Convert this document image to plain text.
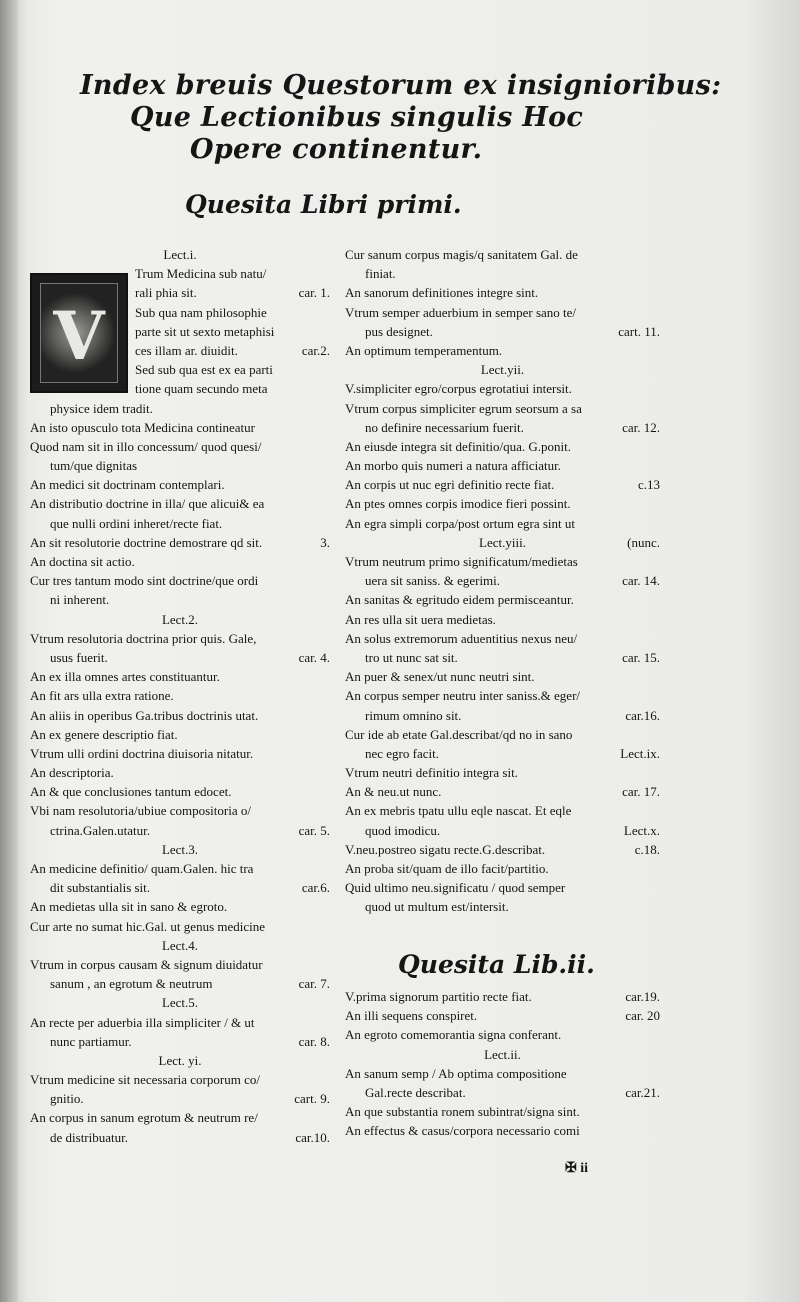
Index breuis Questorum ex insignioribus:
Que Lectionibus singulis Hoc
Opere continentur.
Quesita Libri primi.
V
Lect.i.
Trum Medicina sub natu/
rali phia sit.	car. 1.
Sub qua nam philosophie
parte sit ut sexto metaphisi
ces illam ar. diuidit.	car.2.
Sed sub qua est ex ea parti
tione quam secundo meta
physice idem tradit.
An isto opusculo tota Medicina contineatur
Quod nam sit in illo concessum/ quod quesi/
tum/que dignitas
An medici sit doctrinam contemplari.
An distributio doctrine in illa/ que alicui& ea
que nulli ordini inheret/recte fiat.
An sit resolutorie doctrine demostrare qd sit.	3.
An doctina sit actio.
Cur tres tantum modo sint doctrine/que ordi
ni inherent.
Lect.2.
Vtrum resolutoria doctrina prior quis. Gale,
usus fuerit.	car. 4.
An ex illa omnes artes constituantur.
An fit ars ulla extra ratione.
An aliis in operibus Ga.tribus doctrinis utat.
An ex genere descriptio fiat.
Vtrum ulli ordini doctrina diuisoria nitatur.
An descriptoria.
An & que conclusiones tantum edocet.
Vbi nam resolutoria/ubiue compositoria o/
ctrina.Galen.utatur.	car. 5.
Lect.3.
An medicine definitio/ quam.Galen. hic tra
dit substantialis sit.	car.6.
An medietas ulla sit in sano & egroto.
Cur arte no sumat hic.Gal. ut genus medicine
Lect.4.
Vtrum in corpus causam & signum diuidatur
sanum , an egrotum & neutrum	car. 7.
Lect.5.
An recte per aduerbia illa simpliciter / & ut
nunc partiamur.	car. 8.
Lect. yi.
Vtrum medicine sit necessaria corporum co/
gnitio.	cart. 9.
An corpus in sanum egrotum & neutrum re/
de distribuatur.	car.10.
Cur sanum corpus magis/q sanitatem Gal. de
finiat.
An sanorum definitiones integre sint.
Vtrum semper aduerbium in semper sano te/
pus designet.	cart. 11.
An optimum temperamentum.
Lect.yii.
V.simpliciter egro/corpus egrotatiui intersit.
Vtrum corpus simpliciter egrum seorsum a sa
no definire necessarium fuerit.	car. 12.
An eiusde integra sit definitio/qua. G.ponit.
An morbo quis numeri a natura afficiatur.
An corpis ut nuc egri definitio recte fiat.	c.13
An ptes omnes corpis imodice fieri possint.
An egra simpli corpa/post ortum egra sint ut
Lect.yiii.	(nunc.
Vtrum neutrum primo significatum/medietas
uera sit saniss. & egerimi.	car. 14.
An sanitas & egritudo eidem permisceantur.
An res ulla sit uera medietas.
An solus extremorum aduentitius nexus neu/
tro ut nunc sat sit.	car. 15.
An puer & senex/ut nunc neutri sint.
An corpus semper neutru inter saniss.& eger/
rimum omnino sit.	car.16.
Cur ide ab etate Gal.describat/qd no in sano
nec egro facit.	Lect.ix.
Vtrum neutri definitio integra sit.
An & neu.ut nunc.	car. 17.
An ex mebris tpatu ullu eqle nascat. Et eqle
quod imodicu.	Lect.x.
V.neu.postreo sigatu recte.G.describat.	c.18.
An proba sit/quam de illo facit/partitio.
Quid ultimo neu.significatu / quod semper
quod ut multum est/intersit.
Quesita Lib.ii.
V.prima signorum partitio recte fiat.	car.19.
An illi sequens conspiret.	car. 20
An egroto comemorantia signa conferant.
Lect.ii.
An sanum semp / Ab optima compositione
Gal.recte describat.	car.21.
An que substantia ronem subintrat/signa sint.
An effectus & casus/corpora necessario comi
✠ ii
